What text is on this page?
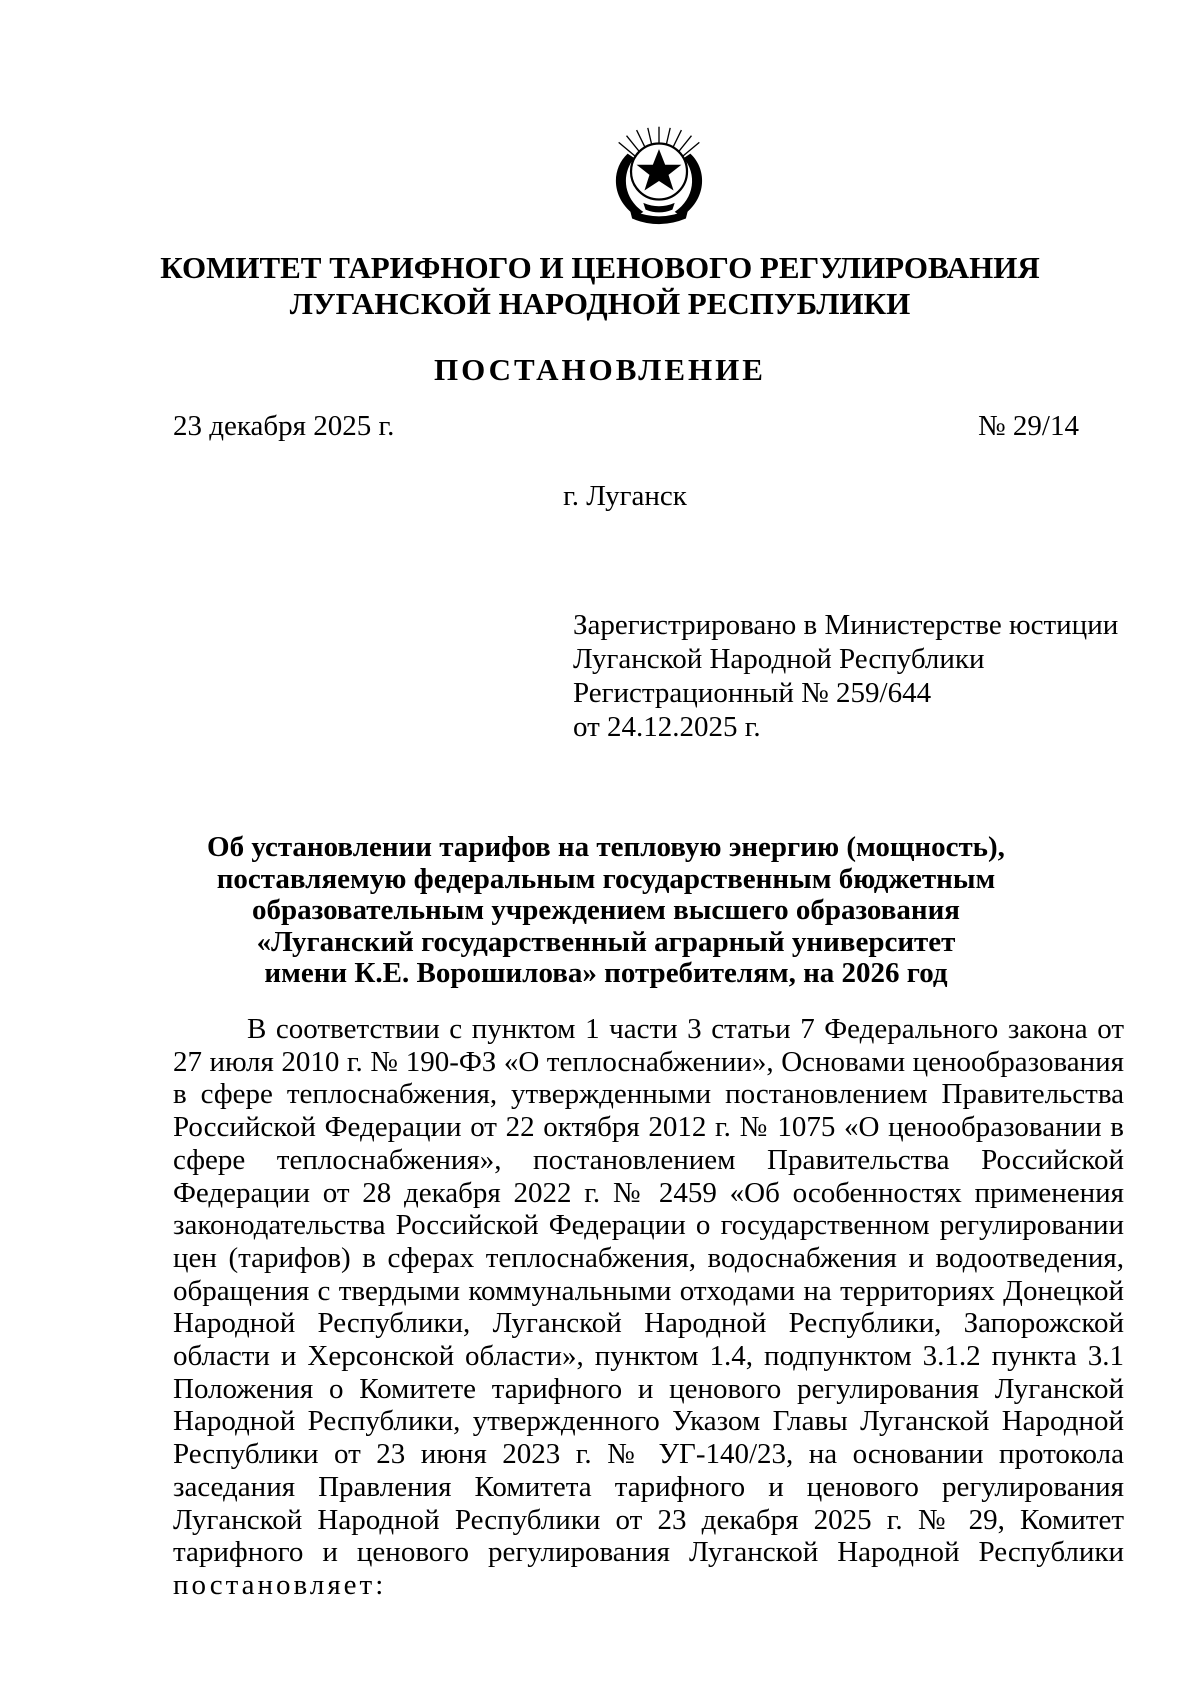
КОМИТЕТ ТАРИФНОГО И ЦЕНОВОГО РЕГУЛИРОВАНИЯ
ЛУГАНСКОЙ НАРОДНОЙ РЕСПУБЛИКИ
ПОСТАНОВЛЕНИЕ
23 декабря 2025 г.	№ 29/14
г. Луганск
Зарегистрировано в Министерстве юстиции
Луганской Народной Республики
Регистрационный № 259/644
от 24.12.2025 г.
Об установлении тарифов на тепловую энергию (мощность),
поставляемую федеральным государственным бюджетным
образовательным учреждением высшего образования
«Луганский государственный аграрный университет
имени К.Е. Ворошилова» потребителям, на 2026 год
В соответствии с пунктом 1 части 3 статьи 7 Федерального закона от 27 июля 2010 г. № 190-ФЗ «О теплоснабжении», Основами ценообразования в сфере теплоснабжения, утвержденными постановлением Правительства Российской Федерации от 22 октября 2012 г. № 1075 «О ценообразовании в сфере теплоснабжения», постановлением Правительства Российской Федерации от 28 декабря 2022 г. № 2459 «Об особенностях применения законодательства Российской Федерации о государственном регулировании цен (тарифов) в сферах теплоснабжения, водоснабжения и водоотведения, обращения с твердыми коммунальными отходами на территориях Донецкой Народной Республики, Луганской Народной Республики, Запорожской области и Херсонской области», пунктом 1.4, подпунктом 3.1.2 пункта 3.1 Положения о Комитете тарифного и ценового регулирования Луганской Народной Республики, утвержденного Указом Главы Луганской Народной Республики от 23 июня 2023 г. № УГ-140/23, на основании протокола заседания Правления Комитета тарифного и ценового регулирования Луганской Народной Республики от 23 декабря 2025 г. № 29, Комитет тарифного и ценового регулирования Луганской Народной Республики постановляет:
